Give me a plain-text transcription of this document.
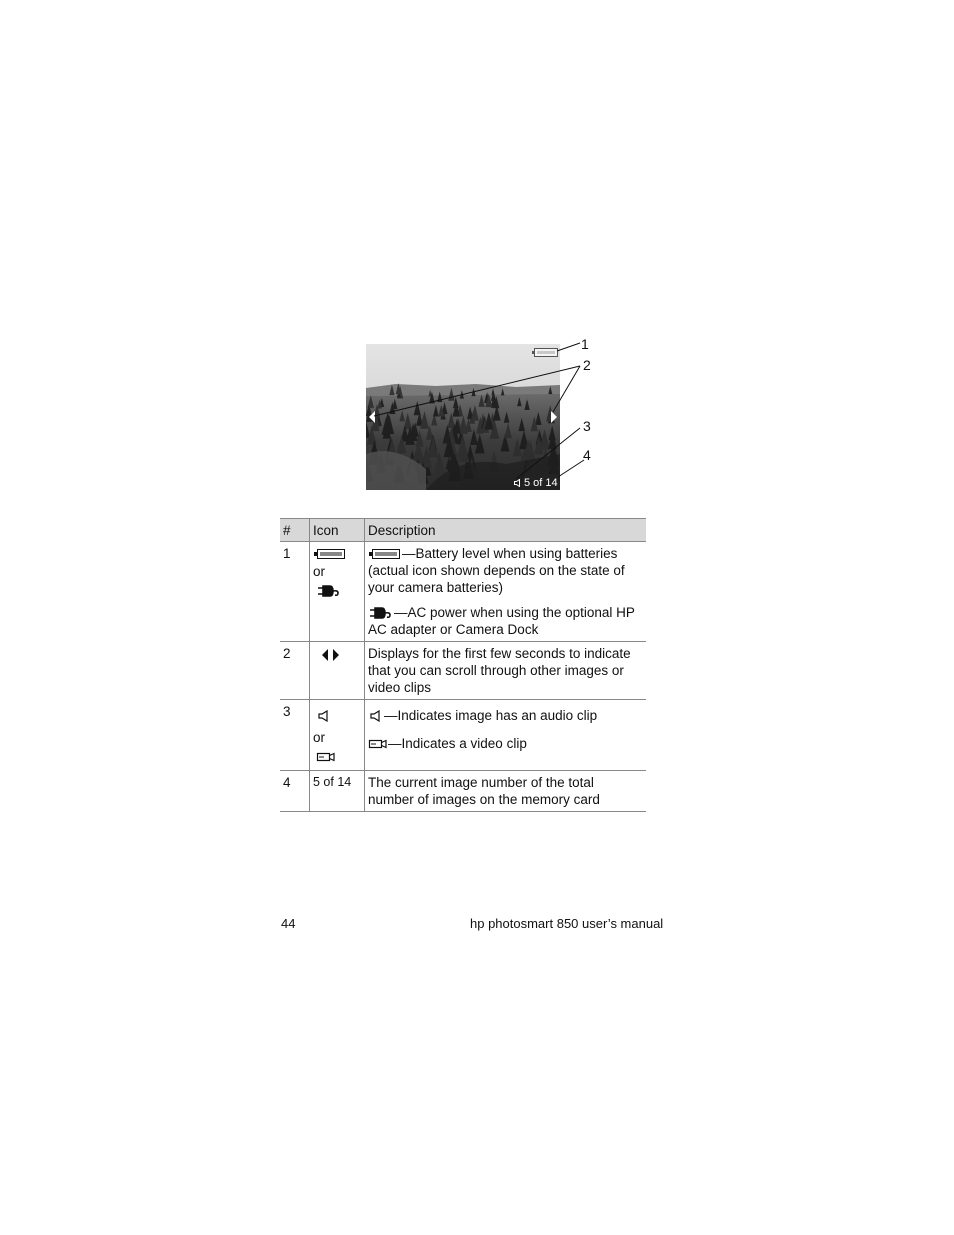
5 of 14
1
2
3
4
#	Icon	Description
1	or	—Battery level when using batteries (actual icon shown depends on the state of your camera batteries)

—AC power when using the optional HP AC adapter or Camera Dock

2		Displays for the first few seconds to indicate that you can scroll through other images or video clips

3	or	—Indicates image has an audio clip

—Indicates a video clip

4	5 of 14	The current image number of the total number of images on the memory card

44	hp photosmart 850 user’s manual
